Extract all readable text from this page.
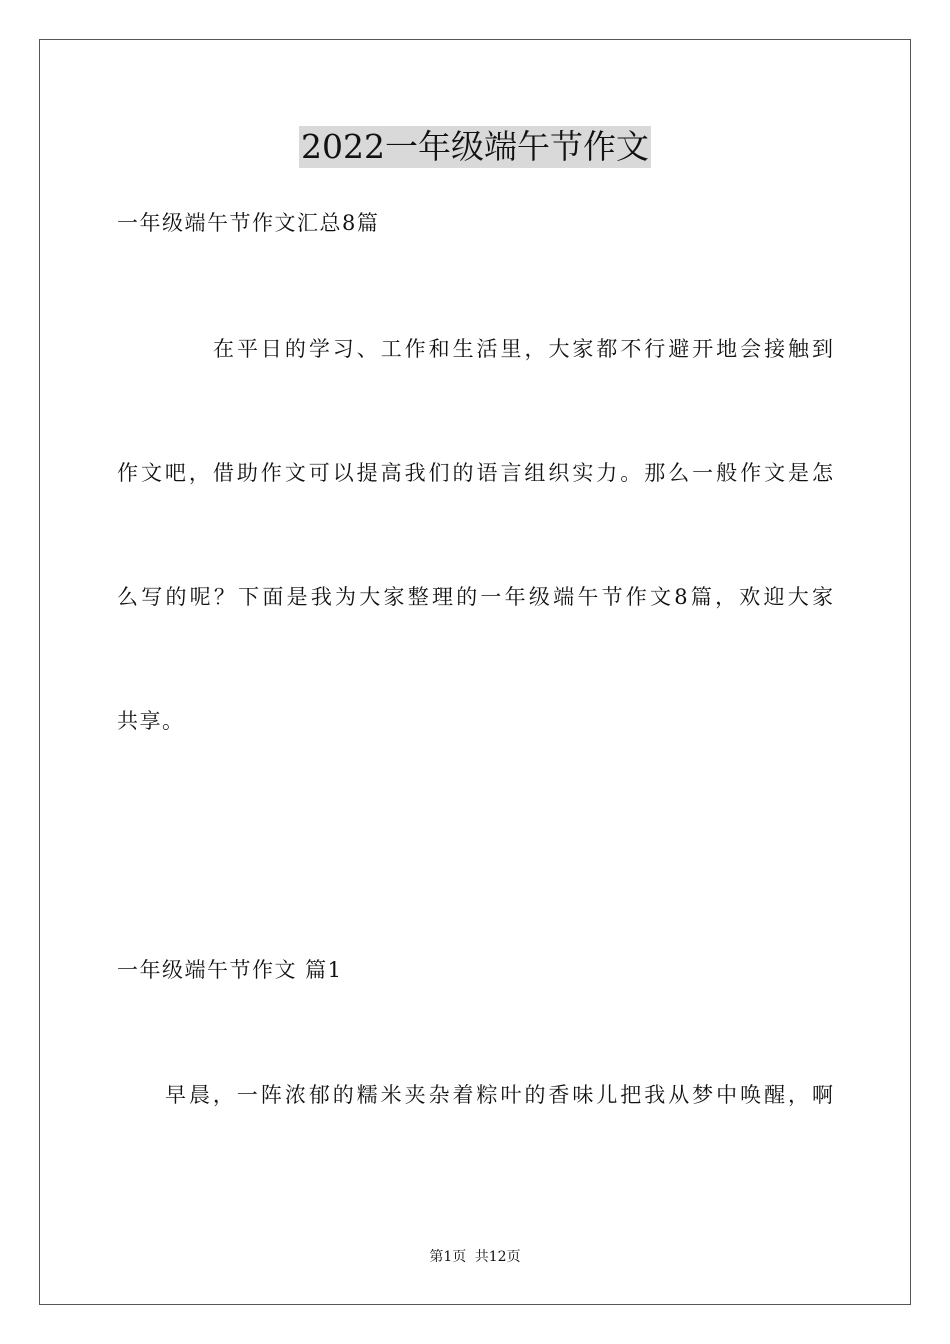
2022一年级端午节作文
一年级端午节作文汇总8篇
在平日的学习、工作和生活里，大家都不行避开地会接触到
作文吧，借助作文可以提高我们的语言组织实力。那么一般作文是怎
么写的呢？下面是我为大家整理的一年级端午节作文8篇，欢迎大家
共享。
一年级端午节作文 篇1
早晨，一阵浓郁的糯米夹杂着粽叶的香味儿把我从梦中唤醒，啊
第1页 共12页
